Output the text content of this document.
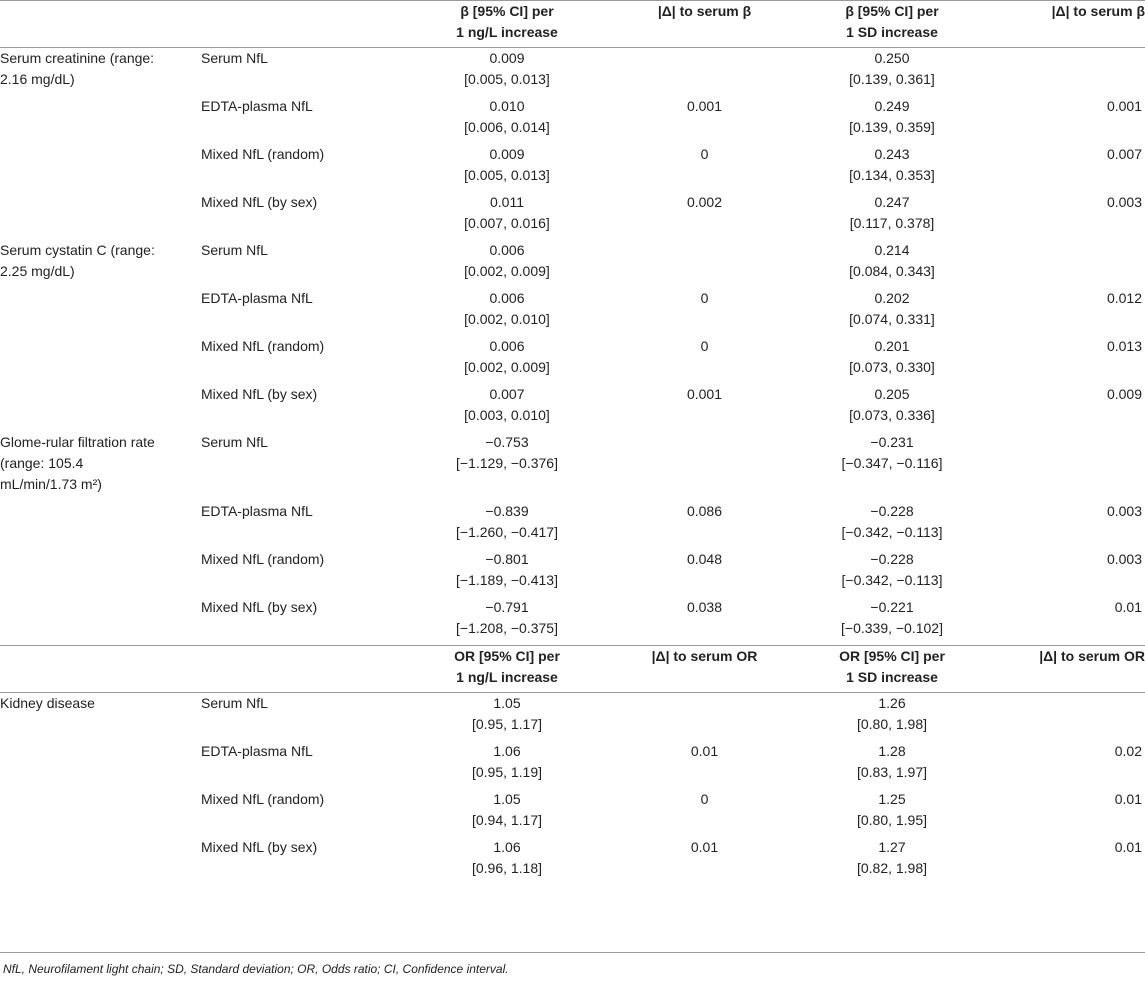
		β [95% CI] per
1 ng/L increase	|Δ| to serum β	β [95% CI] per
1 SD increase	|Δ| to serum β

Serum creatinine (range:
2.16 mg/dL)	Serum NfL	0.009
[0.005, 0.013]		0.250
[0.139, 0.361]	

	EDTA-plasma NfL	0.010
[0.006, 0.014]	0.001	0.249
[0.139, 0.359]	0.001
	Mixed NfL (random)	0.009
[0.005, 0.013]	0	0.243
[0.134, 0.353]	0.007
	Mixed NfL (by sex)	0.011
[0.007, 0.016]	0.002	0.247
[0.117, 0.378]	0.003

Serum cystatin C (range:
2.25 mg/dL)	Serum NfL	0.006
[0.002, 0.009]		0.214
[0.084, 0.343]	

	EDTA-plasma NfL	0.006
[0.002, 0.010]	0	0.202
[0.074, 0.331]	0.012
	Mixed NfL (random)	0.006
[0.002, 0.009]	0	0.201
[0.073, 0.330]	0.013
	Mixed NfL (by sex)	0.007
[0.003, 0.010]	0.001	0.205
[0.073, 0.336]	0.009

Glome-rular filtration rate
(range: 105.4
mL/min/1.73 m²)	Serum NfL	−0.753
[−1.129, −0.376]		−0.231
[−0.347, −0.116]	

	EDTA-plasma NfL	−0.839
[−1.260, −0.417]	0.086	−0.228
[−0.342, −0.113]	0.003
	Mixed NfL (random)	−0.801
[−1.189, −0.413]	0.048	−0.228
[−0.342, −0.113]	0.003
	Mixed NfL (by sex)	−0.791
[−1.208, −0.375]	0.038	−0.221
[−0.339, −0.102]	0.01

		OR [95% CI] per
1 ng/L increase	|Δ| to serum OR	OR [95% CI] per
1 SD increase	|Δ| to serum OR
Kidney disease	Serum NfL	1.05
[0.95, 1.17]		1.26
[0.80, 1.98]	

	EDTA-plasma NfL	1.06
[0.95, 1.19]	0.01	1.28
[0.83, 1.97]	0.02
	Mixed NfL (random)	1.05
[0.94, 1.17]	0	1.25
[0.80, 1.95]	0.01
	Mixed NfL (by sex)	1.06
[0.96, 1.18]	0.01	1.27
[0.82, 1.98]	0.01
NfL, Neurofilament light chain; SD, Standard deviation; OR, Odds ratio; CI, Confidence interval.
